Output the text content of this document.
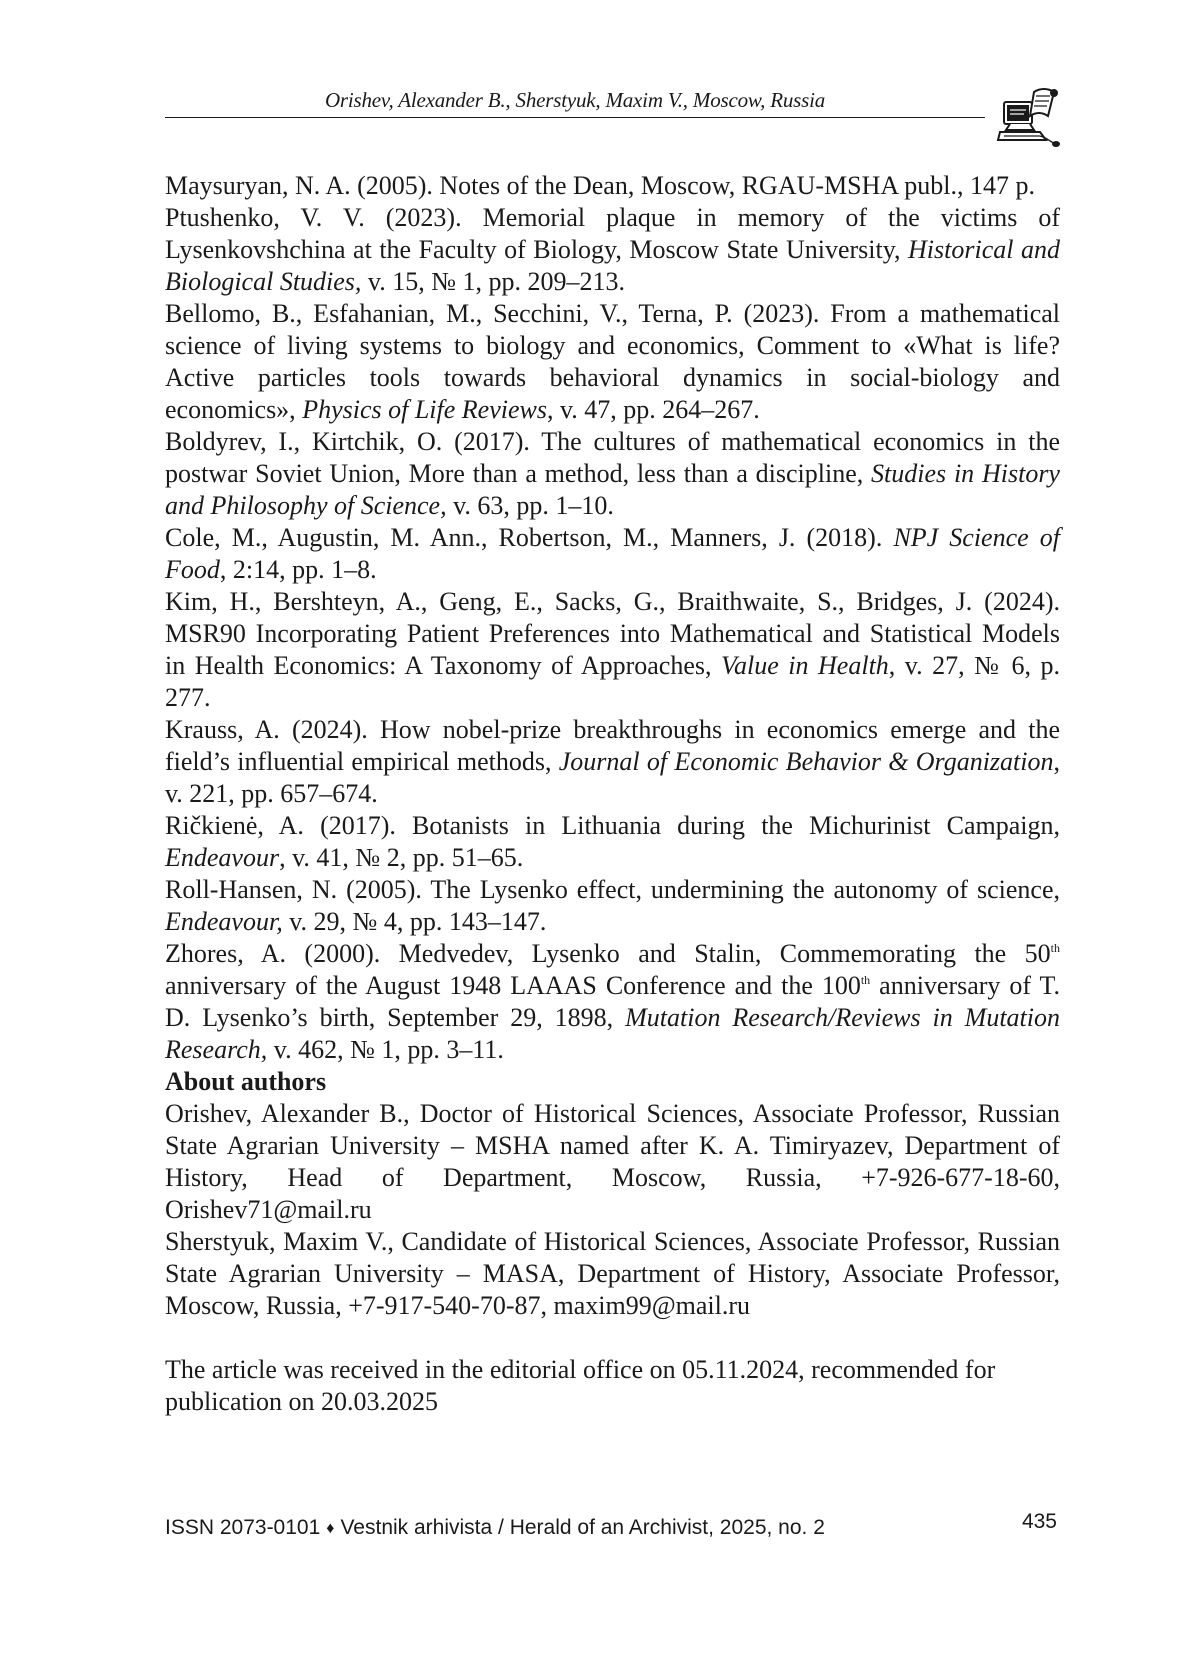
Orishev, Alexander B., Sherstyuk, Maxim V., Moscow, Russia

Maysuryan, N. A. (2005). Notes of the Dean, Moscow, RGAU-MSHA publ., 147 p.

Ptushenko, V. V. (2023). Memorial plaque in memory of the victims of Lysenkovshchina at the Faculty of Biology, Moscow State University, Historical and Biological Studies, v. 15, № 1, pp. 209–213.

Bellomo, B., Esfahanian, M., Secchini, V., Terna, P. (2023). From a mathematical science of living systems to biology and economics, Comment to «What is life? Active particles tools towards behavioral dynamics in social-biology and economics», Physics of Life Reviews, v. 47, pp. 264–267.

Boldyrev, I., Kirtchik, O. (2017). The cultures of mathematical economics in the postwar Soviet Union, More than a method, less than a discipline, Studies in History and Philosophy of Science, v. 63, pp. 1–10.

Cole, M., Augustin, M. Ann., Robertson, M., Manners, J. (2018). NPJ Science of Food, 2:14, pp. 1–8.

Kim, H., Bershteyn, A., Geng, E., Sacks, G., Braithwaite, S., Bridges, J. (2024). MSR90 Incorporating Patient Preferences into Mathematical and Statistical Models in Health Economics: A Taxonomy of Approaches, Value in Health, v. 27, № 6, p. 277.

Krauss, A. (2024). How nobel-prize breakthroughs in economics emerge and the field’s influential empirical methods, Journal of Economic Behavior & Organization, v. 221, pp. 657–674.

Ričkienė, A. (2017). Botanists in Lithuania during the Michurinist Campaign, Endeavour, v. 41, № 2, pp. 51–65.

Roll-Hansen, N. (2005). The Lysenko effect, undermining the autonomy of science, Endeavour, v. 29, № 4, pp. 143–147.

Zhores, A. (2000). Medvedev, Lysenko and Stalin, Commemorating the 50th anniversary of the August 1948 LAAAS Conference and the 100th anniversary of T. D. Lysenko’s birth, September 29, 1898, Mutation Research/Reviews in Mutation Research, v. 462, № 1, pp. 3–11.

About authors

Orishev, Alexander B., Doctor of Historical Sciences, Associate Professor, Russian State Agrarian University – MSHA named after K. A. Timiryazev, Department of History, Head of Department, Moscow, Russia, +7-926-677-18-60, Orishev71@mail.ru

Sherstyuk, Maxim V., Candidate of Historical Sciences, Associate Professor, Russian State Agrarian University – MASA, Department of History, Associate Professor, Moscow, Russia, +7-917-540-70-87, maxim99@mail.ru

The article was received in the editorial office on 05.11.2024, recommended for publication on 20.03.2025

ISSN 2073-0101 ♦ Vestnik arhivista / Herald of an Archivist, 2025, no. 2	435
